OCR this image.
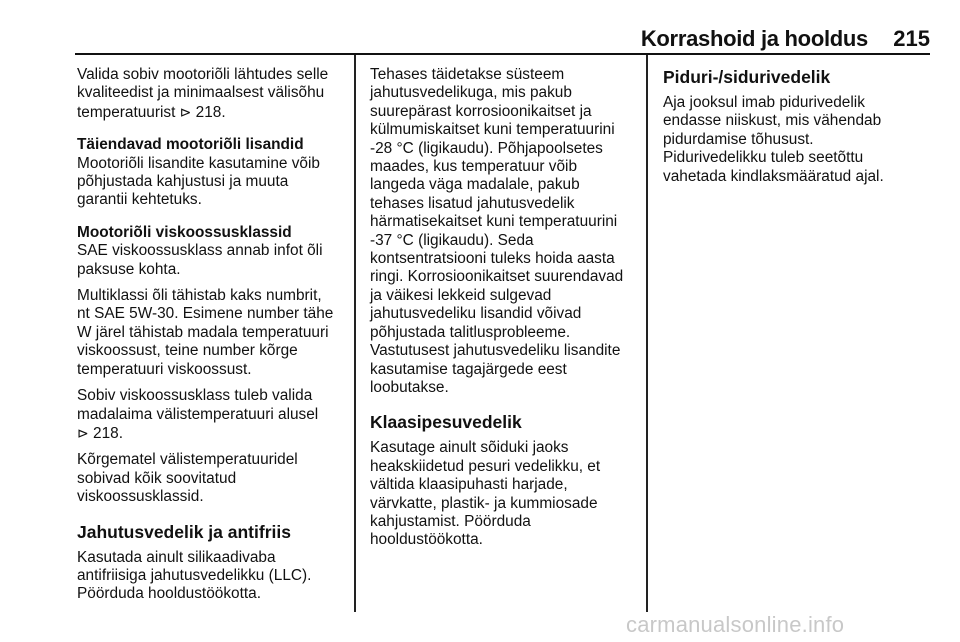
Korrashoid ja hooldus 215

Valida sobiv mootoriõli lähtudes selle
kvaliteedist ja minimaalsest välisõhu
temperatuurist ⊳ 218.

Täiendavad mootoriõli lisandid

Mootoriõli lisandite kasutamine võib
põhjustada kahjustusi ja muuta
garantii kehtetuks.

Mootoriõli viskoossusklassid

SAE viskoossusklass annab infot õli
paksuse kohta.

Multiklassi õli tähistab kaks numbrit,
nt SAE 5W-30. Esimene number tähe
W järel tähistab madala temperatuuri
viskoossust, teine number kõrge
temperatuuri viskoossust.

Sobiv viskoossusklass tuleb valida
madalaima välistemperatuuri alusel
⊳ 218.

Kõrgematel välistemperatuuridel
sobivad kõik soovitatud
viskoossusklassid.

Jahutusvedelik ja antifriis

Kasutada ainult silikaadivaba
antifriisiga jahutusvedelikku (LLC).
Pöörduda hooldustöökotta.

Tehases täidetakse süsteem
jahutusvedelikuga, mis pakub
suurepärast korrosioonikaitset ja
külmumiskaitset kuni temperatuurini
-28 °C (ligikaudu). Põhjapoolsetes
maades, kus temperatuur võib
langeda väga madalale, pakub
tehases lisatud jahutusvedelik
härmatisekaitset kuni temperatuurini
-37 °C (ligikaudu). Seda
kontsentratsiooni tuleks hoida aasta
ringi. Korrosioonikaitset suurendavad
ja väikesi lekkeid sulgevad
jahutusvedeliku lisandid võivad
põhjustada talitlusprobleeme.
Vastutusest jahutusvedeliku lisandite
kasutamise tagajärgede eest
loobutakse.

Klaasipesuvedelik

Kasutage ainult sõiduki jaoks
heakskiidetud pesuri vedelikku, et
vältida klaasipuhasti harjade,
värvkatte, plastik- ja kummiosade
kahjustamist. Pöörduda
hooldustöökotta.

Piduri-/sidurivedelik

Aja jooksul imab pidurivedelik
endasse niiskust, mis vähendab
pidurdamise tõhusust.
Pidurivedelikku tuleb seetõttu
vahetada kindlaksmääratud ajal.

carmanualsonline.info
